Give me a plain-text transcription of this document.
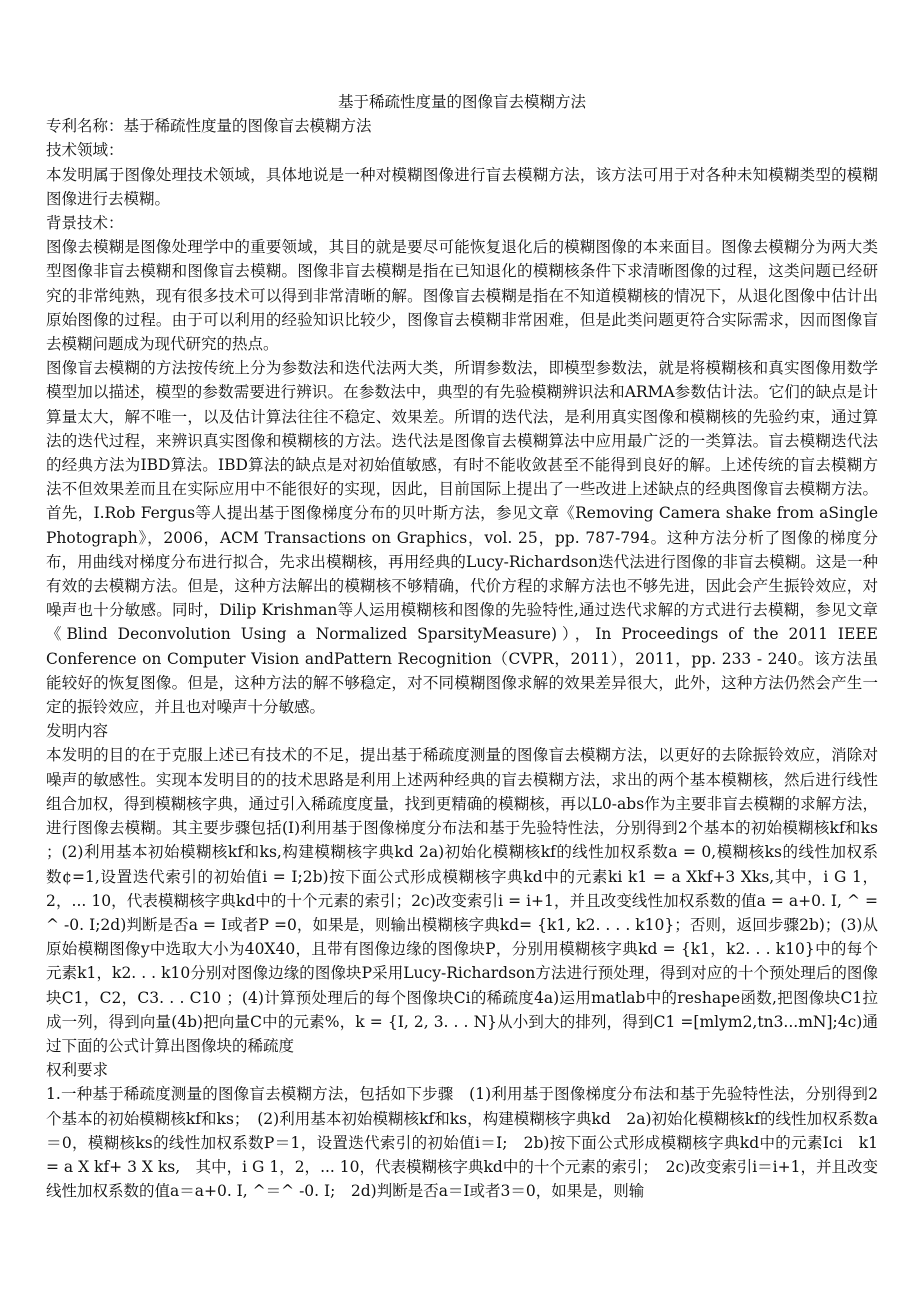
基于稀疏性度量的图像盲去模糊方法

专利名称：基于稀疏性度量的图像盲去模糊方法

技术领域：

本发明属于图像处理技术领域，具体地说是一种对模糊图像进行盲去模糊方法，该方法可用于对各种未知模糊类型的模糊图像进行去模糊。

背景技术：

图像去模糊是图像处理学中的重要领域，其目的就是要尽可能恢复退化后的模糊图像的本来面目。图像去模糊分为两大类型图像非盲去模糊和图像盲去模糊。图像非盲去模糊是指在已知退化的模糊核条件下求清晰图像的过程，这类问题已经研究的非常纯熟，现有很多技术可以得到非常清晰的解。图像盲去模糊是指在不知道模糊核的情况下，从退化图像中估计出原始图像的过程。由于可以利用的经验知识比较少，图像盲去模糊非常困难，但是此类问题更符合实际需求，因而图像盲去模糊问题成为现代研究的热点。

图像盲去模糊的方法按传统上分为参数法和迭代法两大类，所谓参数法，即模型参数法，就是将模糊核和真实图像用数学模型加以描述，模型的参数需要进行辨识。在参数法中，典型的有先验模糊辨识法和ARMA参数估计法。它们的缺点是计算量太大，解不唯一，以及估计算法往往不稳定、效果差。所谓的迭代法，是利用真实图像和模糊核的先验约束，通过算法的迭代过程，来辨识真实图像和模糊核的方法。迭代法是图像盲去模糊算法中应用最广泛的一类算法。盲去模糊迭代法的经典方法为IBD算法。IBD算法的缺点是对初始值敏感，有时不能收敛甚至不能得到良好的解。上述传统的盲去模糊方法不但效果差而且在实际应用中不能很好的实现，因此，目前国际上提出了一些改进上述缺点的经典图像盲去模糊方法。首先，I.Rob Fergus等人提出基于图像梯度分布的贝叶斯方法，参见文章《Removing Camera shake from aSingle Photograph》，2006，ACM Transactions on Graphics，vol. 25，pp. 787-794。这种方法分析了图像的梯度分布，用曲线对梯度分布进行拟合，先求出模糊核，再用经典的Lucy-Richardson迭代法进行图像的非盲去模糊。这是一种有效的去模糊方法。但是，这种方法解出的模糊核不够精确，代价方程的求解方法也不够先进，因此会产生振铃效应，对噪声也十分敏感。同时，Dilip Krishman等人运用模糊核和图像的先验特性,通过迭代求解的方式进行去模糊，参见文章《Blind Deconvolution Using a Normalized SparsityMeasure)），In Proceedings of the 2011 IEEE Conference on Computer Vision andPattern Recognition（CVPR，2011），2011，pp. 233 - 240。该方法虽能较好的恢复图像。但是，这种方法的解不够稳定，对不同模糊图像求解的效果差异很大，此外，这种方法仍然会产生一定的振铃效应，并且也对噪声十分敏感。

发明内容

本发明的目的在于克服上述已有技术的不足，提出基于稀疏度测量的图像盲去模糊方法，以更好的去除振铃效应，消除对噪声的敏感性。实现本发明目的的技术思路是利用上述两种经典的盲去模糊方法，求出的两个基本模糊核，然后进行线性组合加权，得到模糊核字典，通过引入稀疏度度量，找到更精确的模糊核，再以L0-abs作为主要非盲去模糊的求解方法，进行图像去模糊。其主要步骤包括(I)利用基于图像梯度分布法和基于先验特性法，分别得到2个基本的初始模糊核kf和ks ；(2)利用基本初始模糊核kf和ks,构建模糊核字典kd 2a)初始化模糊核kf的线性加权系数a = 0,模糊核ks的线性加权系数¢=1,设置迭代索引的初始值i = I;2b)按下面公式形成模糊核字典kd中的元素ki k1 = a Xkf+3 Xks,其中，i G 1，2，... 10，代表模糊核字典kd中的十个元素的索引；2c)改变索引i = i+1，并且改变线性加权系数的值a = a+0. I, ^ = ^ -0. I;2d)判断是否a = I或者P =0，如果是，则输出模糊核字典kd= {k1, k2. . . . k10}；否则，返回步骤2b)；(3)从原始模糊图像y中选取大小为40X40，且带有图像边缘的图像块P，分别用模糊核字典kd = {k1，k2. . . k10}中的每个元素k1，k2. . . k10分别对图像边缘的图像块P采用Lucy-Richardson方法进行预处理，得到对应的十个预处理后的图像块C1，C2，C3. . . C10 ；(4)计算预处理后的每个图像块Ci的稀疏度4a)运用matlab中的reshape函数,把图像块C1拉成一列，得到向量(4b)把向量C中的元素%，k = {I, 2, 3. . . N}从小到大的排列，得到C1 =[mlym2,tn3...mN];4c)通过下面的公式计算出图像块的稀疏度

权利要求

1.一种基于稀疏度测量的图像盲去模糊方法，包括如下步骤　(1)利用基于图像梯度分布法和基于先验特性法，分别得到2个基本的初始模糊核kf和ks；　(2)利用基本初始模糊核kf和ks，构建模糊核字典kd　2a)初始化模糊核kf的线性加权系数a＝0，模糊核ks的线性加权系数P＝1，设置迭代索引的初始值i＝I;　2b)按下面公式形成模糊核字典kd中的元素Ici　k1 = a X kf+ 3 X ks,　其中，i G 1，2，... 10，代表模糊核字典kd中的十个元素的索引；　2c)改变索引i＝i+1，并且改变线性加权系数的值a＝a+0. I, ^＝^ -0. I;　2d)判断是否a＝I或者3＝0，如果是，则输
